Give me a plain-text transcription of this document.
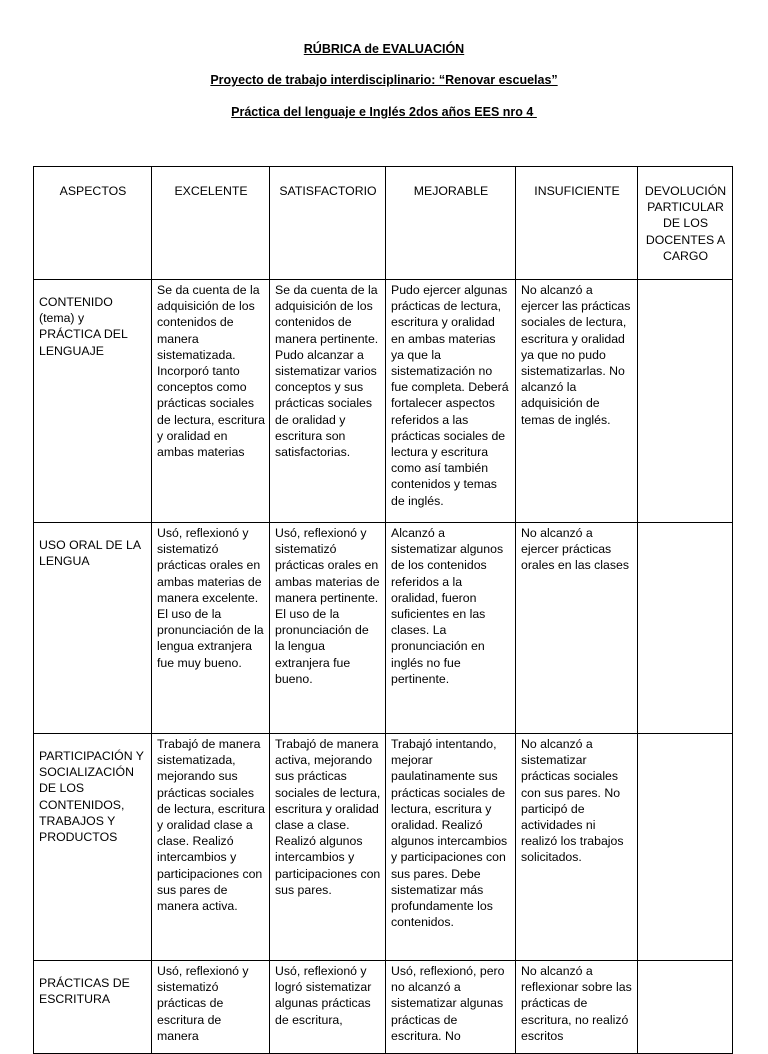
RÚBRICA de EVALUACIÓN
Proyecto de trabajo interdisciplinario: “Renovar escuelas”
Práctica del lenguaje e Inglés 2dos años EES nro 4
ASPECTOS	EXCELENTE	SATISFACTORIO	MEJORABLE	INSUFICIENTE	DEVOLUCIÓN PARTICULAR DE LOS DOCENTES A CARGO
CONTENIDO (tema) y PRÁCTICA DEL LENGUAJE	Se da cuenta de la adquisición de los contenidos de manera sistematizada. Incorporó tanto conceptos como prácticas sociales de lectura, escritura y oralidad en ambas materias	Se da cuenta de la adquisición de los contenidos de manera pertinente. Pudo alcanzar a sistematizar varios conceptos y sus prácticas sociales de oralidad y escritura son satisfactorias.	Pudo ejercer algunas prácticas de lectura, escritura y oralidad en ambas materias ya que la sistematización no fue completa. Deberá fortalecer aspectos referidos a las prácticas sociales de lectura y escritura como así también contenidos y temas de inglés.	No alcanzó a ejercer las prácticas sociales de lectura, escritura y oralidad ya que no pudo sistematizarlas. No alcanzó la adquisición de temas de inglés.	
USO ORAL DE LA LENGUA	Usó, reflexionó y sistematizó prácticas orales en ambas materias de manera excelente. El uso de la pronunciación de la lengua extranjera fue muy bueno.	Usó, reflexionó y sistematizó prácticas orales en ambas materias de manera pertinente. El uso de la pronunciación de la lengua extranjera fue bueno.	Alcanzó a sistematizar algunos de los contenidos referidos a la oralidad, fueron suficientes en las clases. La pronunciación en inglés no fue pertinente.	No alcanzó a ejercer prácticas orales en las clases	
PARTICIPACIÓN Y SOCIALIZACIÓN DE LOS CONTENIDOS, TRABAJOS Y PRODUCTOS	Trabajó de manera sistematizada, mejorando sus prácticas sociales de lectura, escritura y oralidad clase a clase. Realizó intercambios y participaciones con sus pares de manera activa.	Trabajó de manera activa, mejorando sus prácticas sociales de lectura, escritura y oralidad clase a clase. Realizó algunos intercambios y participaciones con sus pares.	Trabajó intentando, mejorar paulatinamente sus prácticas sociales de lectura, escritura y oralidad. Realizó algunos intercambios y participaciones con sus pares. Debe sistematizar más profundamente los contenidos.	No alcanzó a sistematizar prácticas sociales con sus pares. No participó de actividades ni realizó los trabajos solicitados.	
PRÁCTICAS DE ESCRITURA	Usó, reflexionó y sistematizó prácticas de escritura de manera	Usó, reflexionó y logró sistematizar algunas prácticas de escritura,	Usó, reflexionó, pero no alcanzó a sistematizar algunas prácticas de escritura. No	No alcanzó a reflexionar sobre las prácticas de escritura, no realizó escritos	
